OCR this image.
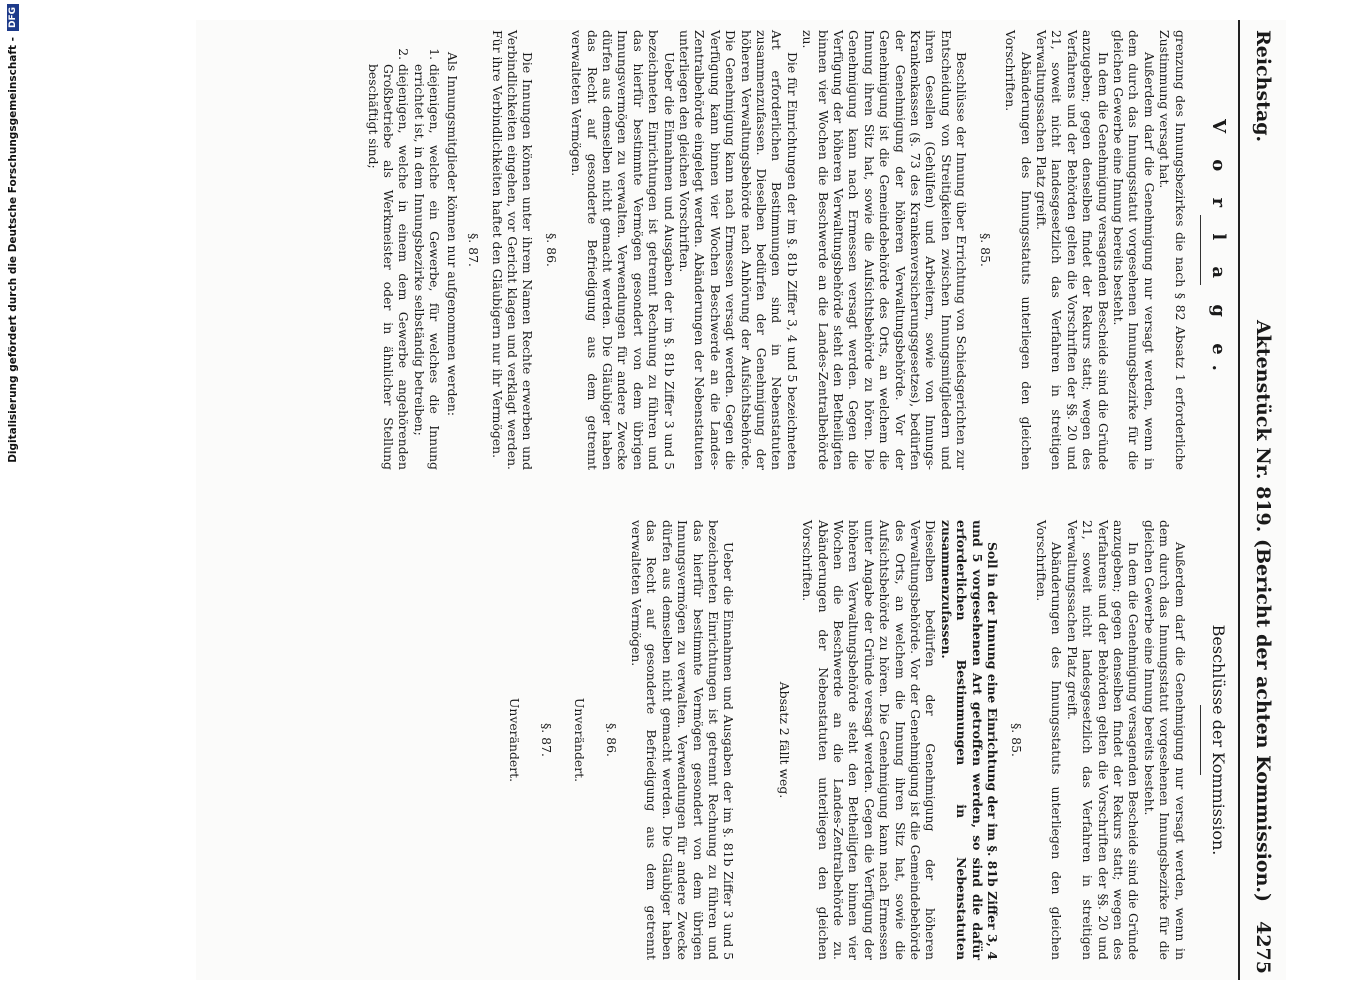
Reichstag.
Aktenstück Nr. 819. (Bericht der achten Kommission.)
4275
V o r l a g e.

grenzung des Innungsbezirkes die nach § 82 Absatz 1 erforderliche Zustimmung versagt hat.

Außerdem darf die Genehmigung nur versagt werden, wenn in dem durch das Innungsstatut vorgesehenen Innungsbezirke für die gleichen Gewerbe eine Innung bereits besteht.

In dem die Genehmigung versagenden Bescheide sind die Gründe anzugeben; gegen denselben findet der Rekurs statt; wegen des Verfahrens und der Behörden gelten die Vorschriften der §§. 20 und 21, soweit nicht landesgesetzlich das Verfahren in streitigen Verwaltungssachen Platz greift.

Abänderungen des Innungsstatuts unterliegen den gleichen Vorschriften.

§. 85.

Beschlüsse der Innung über Errichtung von Schiedsgerichten zur Entscheidung von Streitigkeiten zwischen Innungsmitgliedern und ihren Gesellen (Gehülfen) und Arbeitern, sowie von Innungs-Krankenkassen (§. 73 des Krankenversicherungsgesetzes), bedürfen der Genehmigung der höheren Verwaltungsbehörde. Vor der Genehmigung ist die Gemeindebehörde des Orts, an welchem die Innung ihren Sitz hat, sowie die Aufsichtsbehörde zu hören. Die Genehmigung kann nach Ermessen versagt werden. Gegen die Verfügung der höheren Verwaltungsbehörde steht den Betheiligten binnen vier Wochen die Beschwerde an die Landes-Zentralbehörde zu.

Die für Einrichtungen der im §. 81b Ziffer 3, 4 und 5 bezeichneten Art erforderlichen Bestimmungen sind in Nebenstatuten zusammenzufassen. Dieselben bedürfen der Genehmigung der höheren Verwaltungsbehörde nach Anhörung der Aufsichtsbehörde. Die Genehmigung kann nach Ermessen versagt werden. Gegen die Verfügung kann binnen vier Wochen Beschwerde an die Landes-Zentralbehörde eingelegt werden. Abänderungen der Nebenstatuten unterliegen den gleichen Vorschriften.

Ueber die Einnahmen und Ausgaben der im §. 81b Ziffer 3 und 5 bezeichneten Einrichtungen ist getrennt Rechnung zu führen und das hierfür bestimmte Vermögen gesondert von dem übrigen Innungsvermögen zu verwalten. Verwendungen für andere Zwecke dürfen aus demselben nicht gemacht werden. Die Gläubiger haben das Recht auf gesonderte Befriedigung aus dem getrennt verwalteten Vermögen.

§. 86.

Die Innungen können unter ihrem Namen Rechte erwerben und Verbindlichkeiten eingehen, vor Gericht klagen und verklagt werden. Für ihre Verbindlichkeiten haftet den Gläubigern nur ihr Vermögen.

§. 87.

Als Innungsmitglieder können nur aufgenommen werden:

1. diejenigen, welche ein Gewerbe, für welches die Innung errichtet ist, in dem Innungsbezirke selbständig betreiben;
2. diejenigen, welche in einem dem Gewerbe angehörenden Großbetriebe als Werkmeister oder in ähnlicher Stellung beschäftigt sind;
Beschlüsse der Kommission.

Außerdem darf die Genehmigung nur versagt werden, wenn in dem durch das Innungsstatut vorgesehenen Innungsbezirke für die gleichen Gewerbe eine Innung bereits besteht.

In dem die Genehmigung versagenden Bescheide sind die Gründe anzugeben; gegen denselben findet der Rekurs statt; wegen des Verfahrens und der Behörden gelten die Vorschriften der §§. 20 und 21, soweit nicht landesgesetzlich das Verfahren in streitigen Verwaltungssachen Platz greift.

Abänderungen des Innungsstatuts unterliegen den gleichen Vorschriften.

§. 85.

Soll in der Innung eine Einrichtung der im §. 81b Ziffer 3, 4 und 5 vorgesehenen Art getroffen werden, so sind die dafür erforderlichen Bestimmungen in Nebenstatuten zusammenzufassen.

Dieselben bedürfen der Genehmigung der höheren Verwaltungsbehörde. Vor der Genehmigung ist die Gemeindebehörde des Orts, an welchem die Innung ihren Sitz hat, sowie die Aufsichtsbehörde zu hören. Die Genehmigung kann nach Ermessen unter Angabe der Gründe versagt werden. Gegen die Verfügung der höheren Verwaltungsbehörde steht den Betheiligten binnen vier Wochen die Beschwerde an die Landes-Zentralbehörde zu. Abänderungen der Nebenstatuten unterliegen den gleichen Vorschriften.

Absatz 2 fällt weg.

Ueber die Einnahmen und Ausgaben der im §. 81b Ziffer 3 und 5 bezeichneten Einrichtungen ist getrennt Rechnung zu führen und das hierfür bestimmte Vermögen gesondert von dem übrigen Innungsvermögen zu verwalten. Verwendungen für andere Zwecke dürfen aus demselben nicht gemacht werden. Die Gläubiger haben das Recht auf gesonderte Befriedigung aus dem getrennt verwalteten Vermögen.

§. 86.
Unverändert.
§. 87.
Unverändert.
Digitalisierung gefördert durch die Deutsche Forschungsgemeinschaft -DFG
